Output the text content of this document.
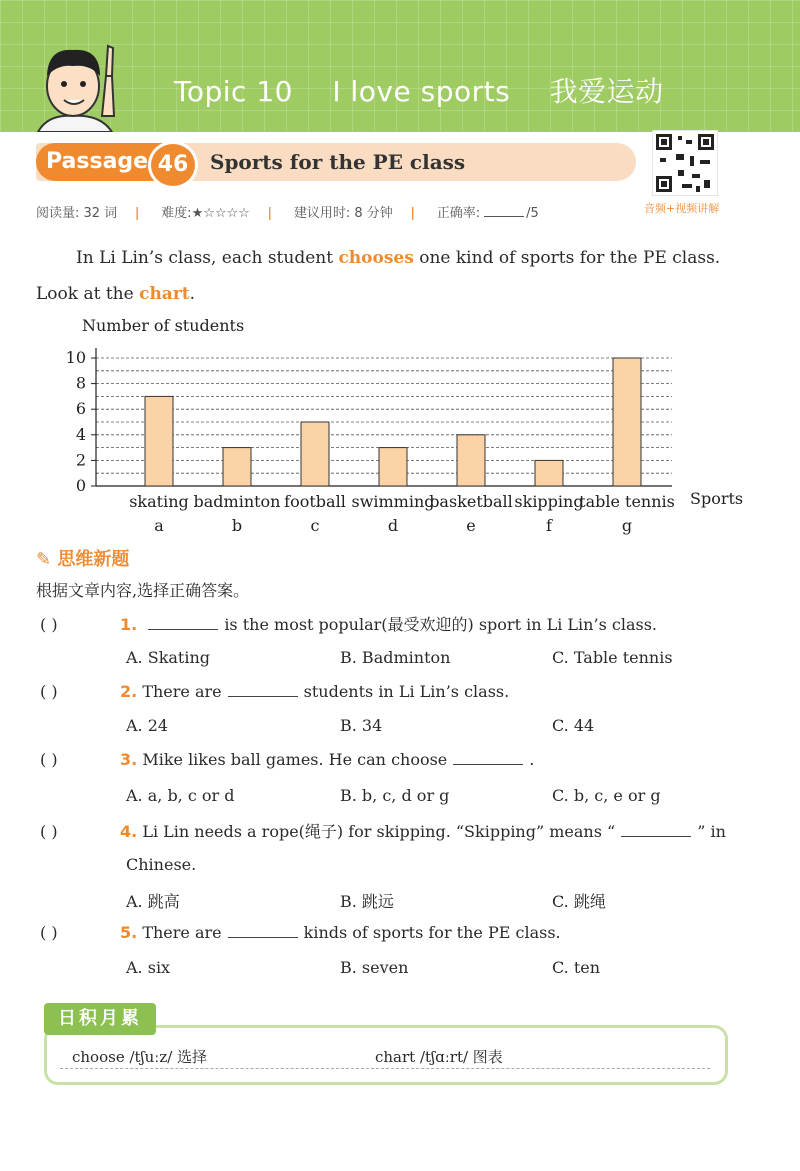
Topic 10 I love sports 我爱运动
Passage 46	Sports for the PE class
音频+视频讲解
阅读量: 32 词 ǀ 难度:★☆☆☆☆ ǀ 建议用时: 8 分钟 ǀ 正确率:	/5
In Li Lin’s class, each student chooses one kind of sports for the PE class. Look at the chart.
Number of students
0
2
4
6
8
10
skating
a
badminton
b
football
c
swimming
d
basketball
e
skipping
f
table tennis
g
Sports
✎ 思维新题
根据文章内容,选择正确答案。
( )	1.	is the most popular(最受欢迎的) sport in Li Lin’s class.
A. Skating	B. Badminton	C. Table tennis
( )	2. There are	students in Li Lin’s class.
A. 24	B. 34	C. 44
( )	3. Mike likes ball games. He can choose	.
A. a, b, c or d	B. b, c, d or g	C. b, c, e or g
( )	4. Li Lin needs a rope(绳子) for skipping. “Skipping” means “	” in
Chinese.
A. 跳高	B. 跳远	C. 跳绳
( )	5. There are	kinds of sports for the PE class.
A. six	B. seven	C. ten
日积月累
choose /tʃuːz/ 选择	chart /tʃɑːrt/ 图表
